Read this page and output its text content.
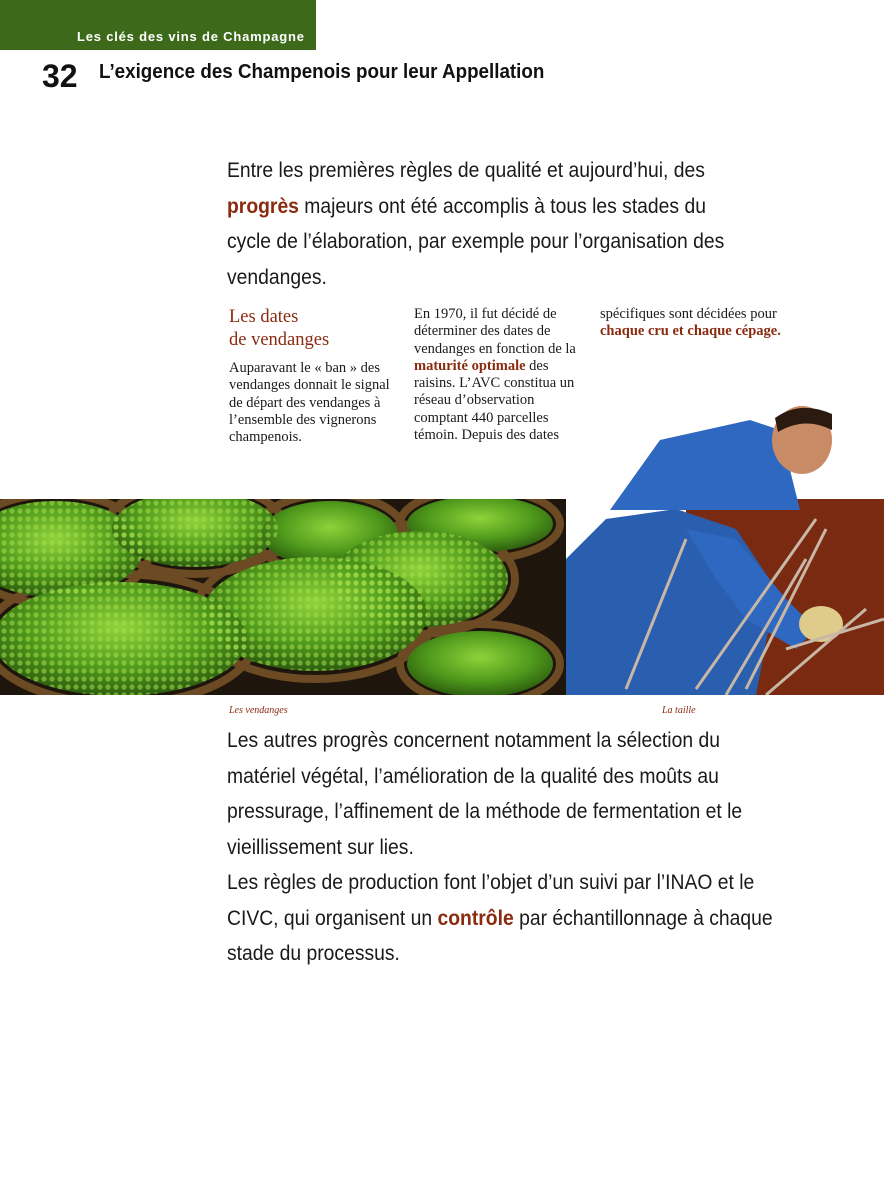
Les clés des vins de Champagne
32 L’exigence des Champenois pour leur Appellation
Entre les premières règles de qualité et aujourd’hui, des progrès majeurs ont été accomplis à tous les stades du cycle de l’élaboration, par exemple pour l’organisation des vendanges.
Les dates
de vendanges
Auparavant le « ban » des vendanges donnait le signal de départ des vendanges à l’ensemble des vignerons champenois.
En 1970, il fut décidé de déterminer des dates de vendanges en fonction de la maturité optimale des raisins. L’AVC constitua un réseau d’observation comptant 440 parcelles témoin. Depuis des dates
spécifiques sont décidées pour chaque cru et chaque cépage.
Les vendanges	La taille

Les autres progrès concernent notamment la sélection du matériel végétal, l’amélioration de la qualité des moûts au pressurage, l’affinement de la méthode de fermentation et le vieillissement sur lies.

Les règles de production font l’objet d’un suivi par l’INAO et le CIVC, qui organisent un contrôle par échantillonnage à chaque stade du processus.
